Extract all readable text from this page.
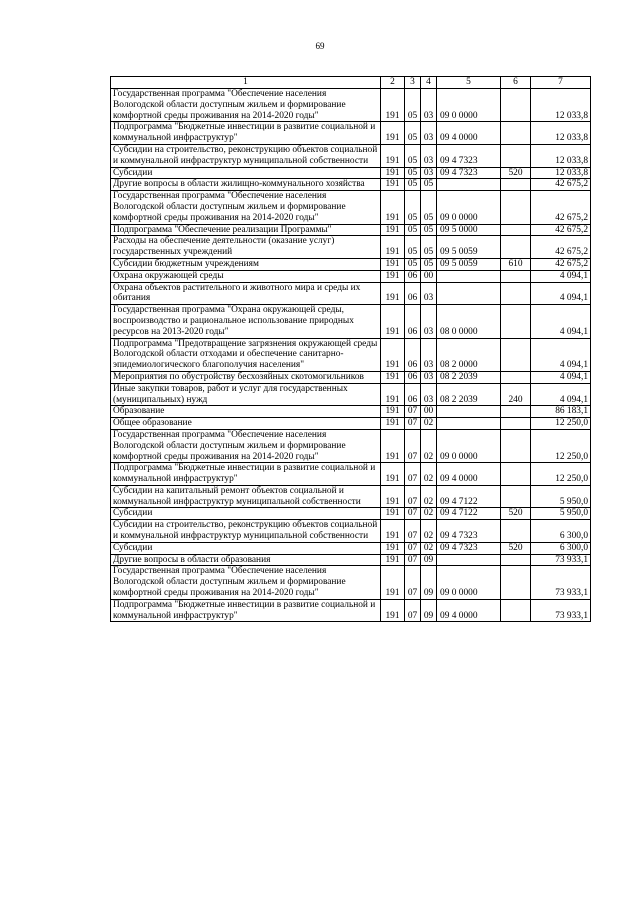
69
1	2	3	4	5	6	7
Государственная программа "Обеспечение населения Вологодской области доступным жильем и формирование комфортной среды проживания на 2014-2020 годы"	191	05	03	09 0 0000		12 033,8
Подпрограмма "Бюджетные инвестиции в развитие социальной и коммунальной инфраструктур"	191	05	03	09 4 0000		12 033,8
Субсидии на строительство, реконструкцию объектов социальной и коммунальной инфраструктур муниципальной собственности	191	05	03	09 4 7323		12 033,8
Субсидии	191	05	03	09 4 7323	520	12 033,8
Другие вопросы в области жилищно-коммунального хозяйства	191	05	05			42 675,2
Государственная программа "Обеспечение населения Вологодской области доступным жильем и формирование комфортной среды проживания на 2014-2020 годы"	191	05	05	09 0 0000		42 675,2
Подпрограмма "Обеспечение реализации Программы"	191	05	05	09 5 0000		42 675,2
Расходы на обеспечение деятельности (оказание услуг) государственных учреждений	191	05	05	09 5 0059		42 675,2
Субсидии бюджетным учреждениям	191	05	05	09 5 0059	610	42 675,2
Охрана окружающей среды	191	06	00			4 094,1
Охрана объектов растительного и животного мира и среды их обитания	191	06	03			4 094,1
Государственная программа "Охрана окружающей среды, воспроизводство и рациональное использование природных ресурсов на 2013-2020 годы"	191	06	03	08 0 0000		4 094,1
Подпрограмма "Предотвращение загрязнения окружающей среды Вологодской области отходами и обеспечение санитарно-эпидемиологического благополучия населения"	191	06	03	08 2 0000		4 094,1
Мероприятия по обустройству бесхозяйных скотомогильников	191	06	03	08 2 2039		4 094,1
Иные закупки товаров, работ и услуг для государственных (муниципальных) нужд	191	06	03	08 2 2039	240	4 094,1
Образование	191	07	00			86 183,1
Общее образование	191	07	02			12 250,0
Государственная программа "Обеспечение населения Вологодской области доступным жильем и формирование комфортной среды проживания на 2014-2020 годы"	191	07	02	09 0 0000		12 250,0
Подпрограмма "Бюджетные инвестиции в развитие социальной и коммунальной инфраструктур"	191	07	02	09 4 0000		12 250,0
Субсидии на капитальный ремонт объектов социальной и коммунальной инфраструктур муниципальной собственности	191	07	02	09 4 7122		5 950,0
Субсидии	191	07	02	09 4 7122	520	5 950,0
Субсидии на строительство, реконструкцию объектов социальной и коммунальной инфраструктур муниципальной собственности	191	07	02	09 4 7323		6 300,0
Субсидии	191	07	02	09 4 7323	520	6 300,0
Другие вопросы в области образования	191	07	09			73 933,1
Государственная программа "Обеспечение населения Вологодской области доступным жильем и формирование комфортной среды проживания на 2014-2020 годы"	191	07	09	09 0 0000		73 933,1
Подпрограмма "Бюджетные инвестиции в развитие социальной и коммунальной инфраструктур"	191	07	09	09 4 0000		73 933,1
